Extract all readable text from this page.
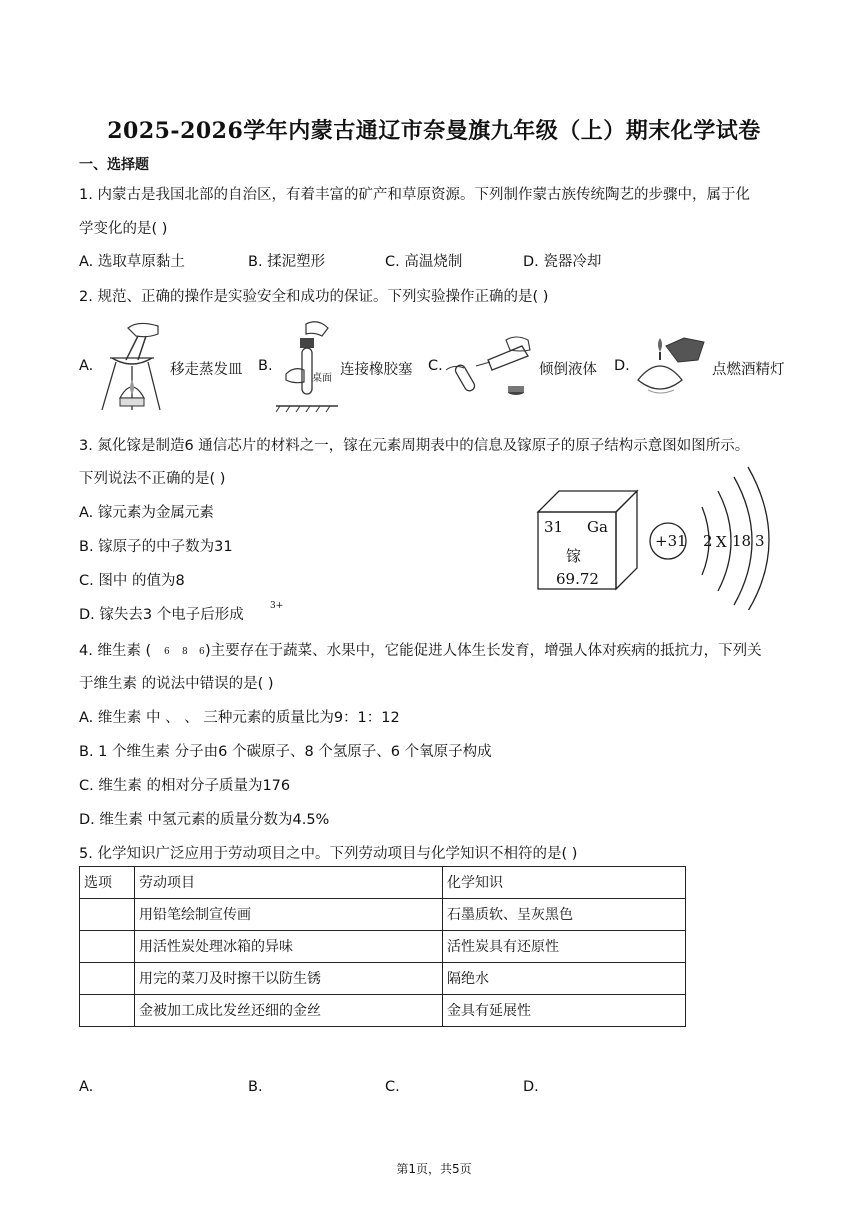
2025-2026学年内蒙古通辽市奈曼旗九年级（上）期末化学试卷
一、选择题
1. 内蒙古是我国北部的自治区，有着丰富的矿产和草原资源。下列制作蒙古族传统陶艺的步骤中，属于化
学变化的是( )
A. 选取草原黏土	B. 揉泥塑形	C. 高温烧制	D. 瓷器冷却
2. 规范、正确的操作是实验安全和成功的保证。下列实验操作正确的是( )
A.	移走蒸发皿 B.
桌面
连接橡胶塞 C.	倾倒液体 D.	点燃酒精灯
3. 氮化镓是制造6 通信芯片的材料之一，镓在元素周期表中的信息及镓原子的原子结构示意图如图所示。
下列说法不正确的是( )
A. 镓元素为金属元素
B. 镓原子的中子数为31
C. 图中 的值为8
D. 镓失去3 个电子后形成
3+
31 Ga
镓
69.72
+31 2 X 18 3
4. 维生素 ( 6 8 6 )主要存在于蔬菜、水果中，它能促进人体生长发育，增强人体对疾病的抵抗力，下列关
于维生素 的说法中错误的是( )
A. 维生素 中 、 、 三种元素的质量比为9：1：12
B. 1 个维生素 分子由6 个碳原子、8 个氢原子、6 个氧原子构成
C. 维生素 的相对分子质量为176
D. 维生素 中氢元素的质量分数为4.5%
5. 化学知识广泛应用于劳动项目之中。下列劳动项目与化学知识不相符的是( )
选项	劳动项目	化学知识
	用铅笔绘制宣传画	石墨质软、呈灰黑色
	用活性炭处理冰箱的异味	活性炭具有还原性
	用完的菜刀及时擦干以防生锈	隔绝水
	金被加工成比发丝还细的金丝	金具有延展性
A.	B.	C.	D.
第1页，共5页
